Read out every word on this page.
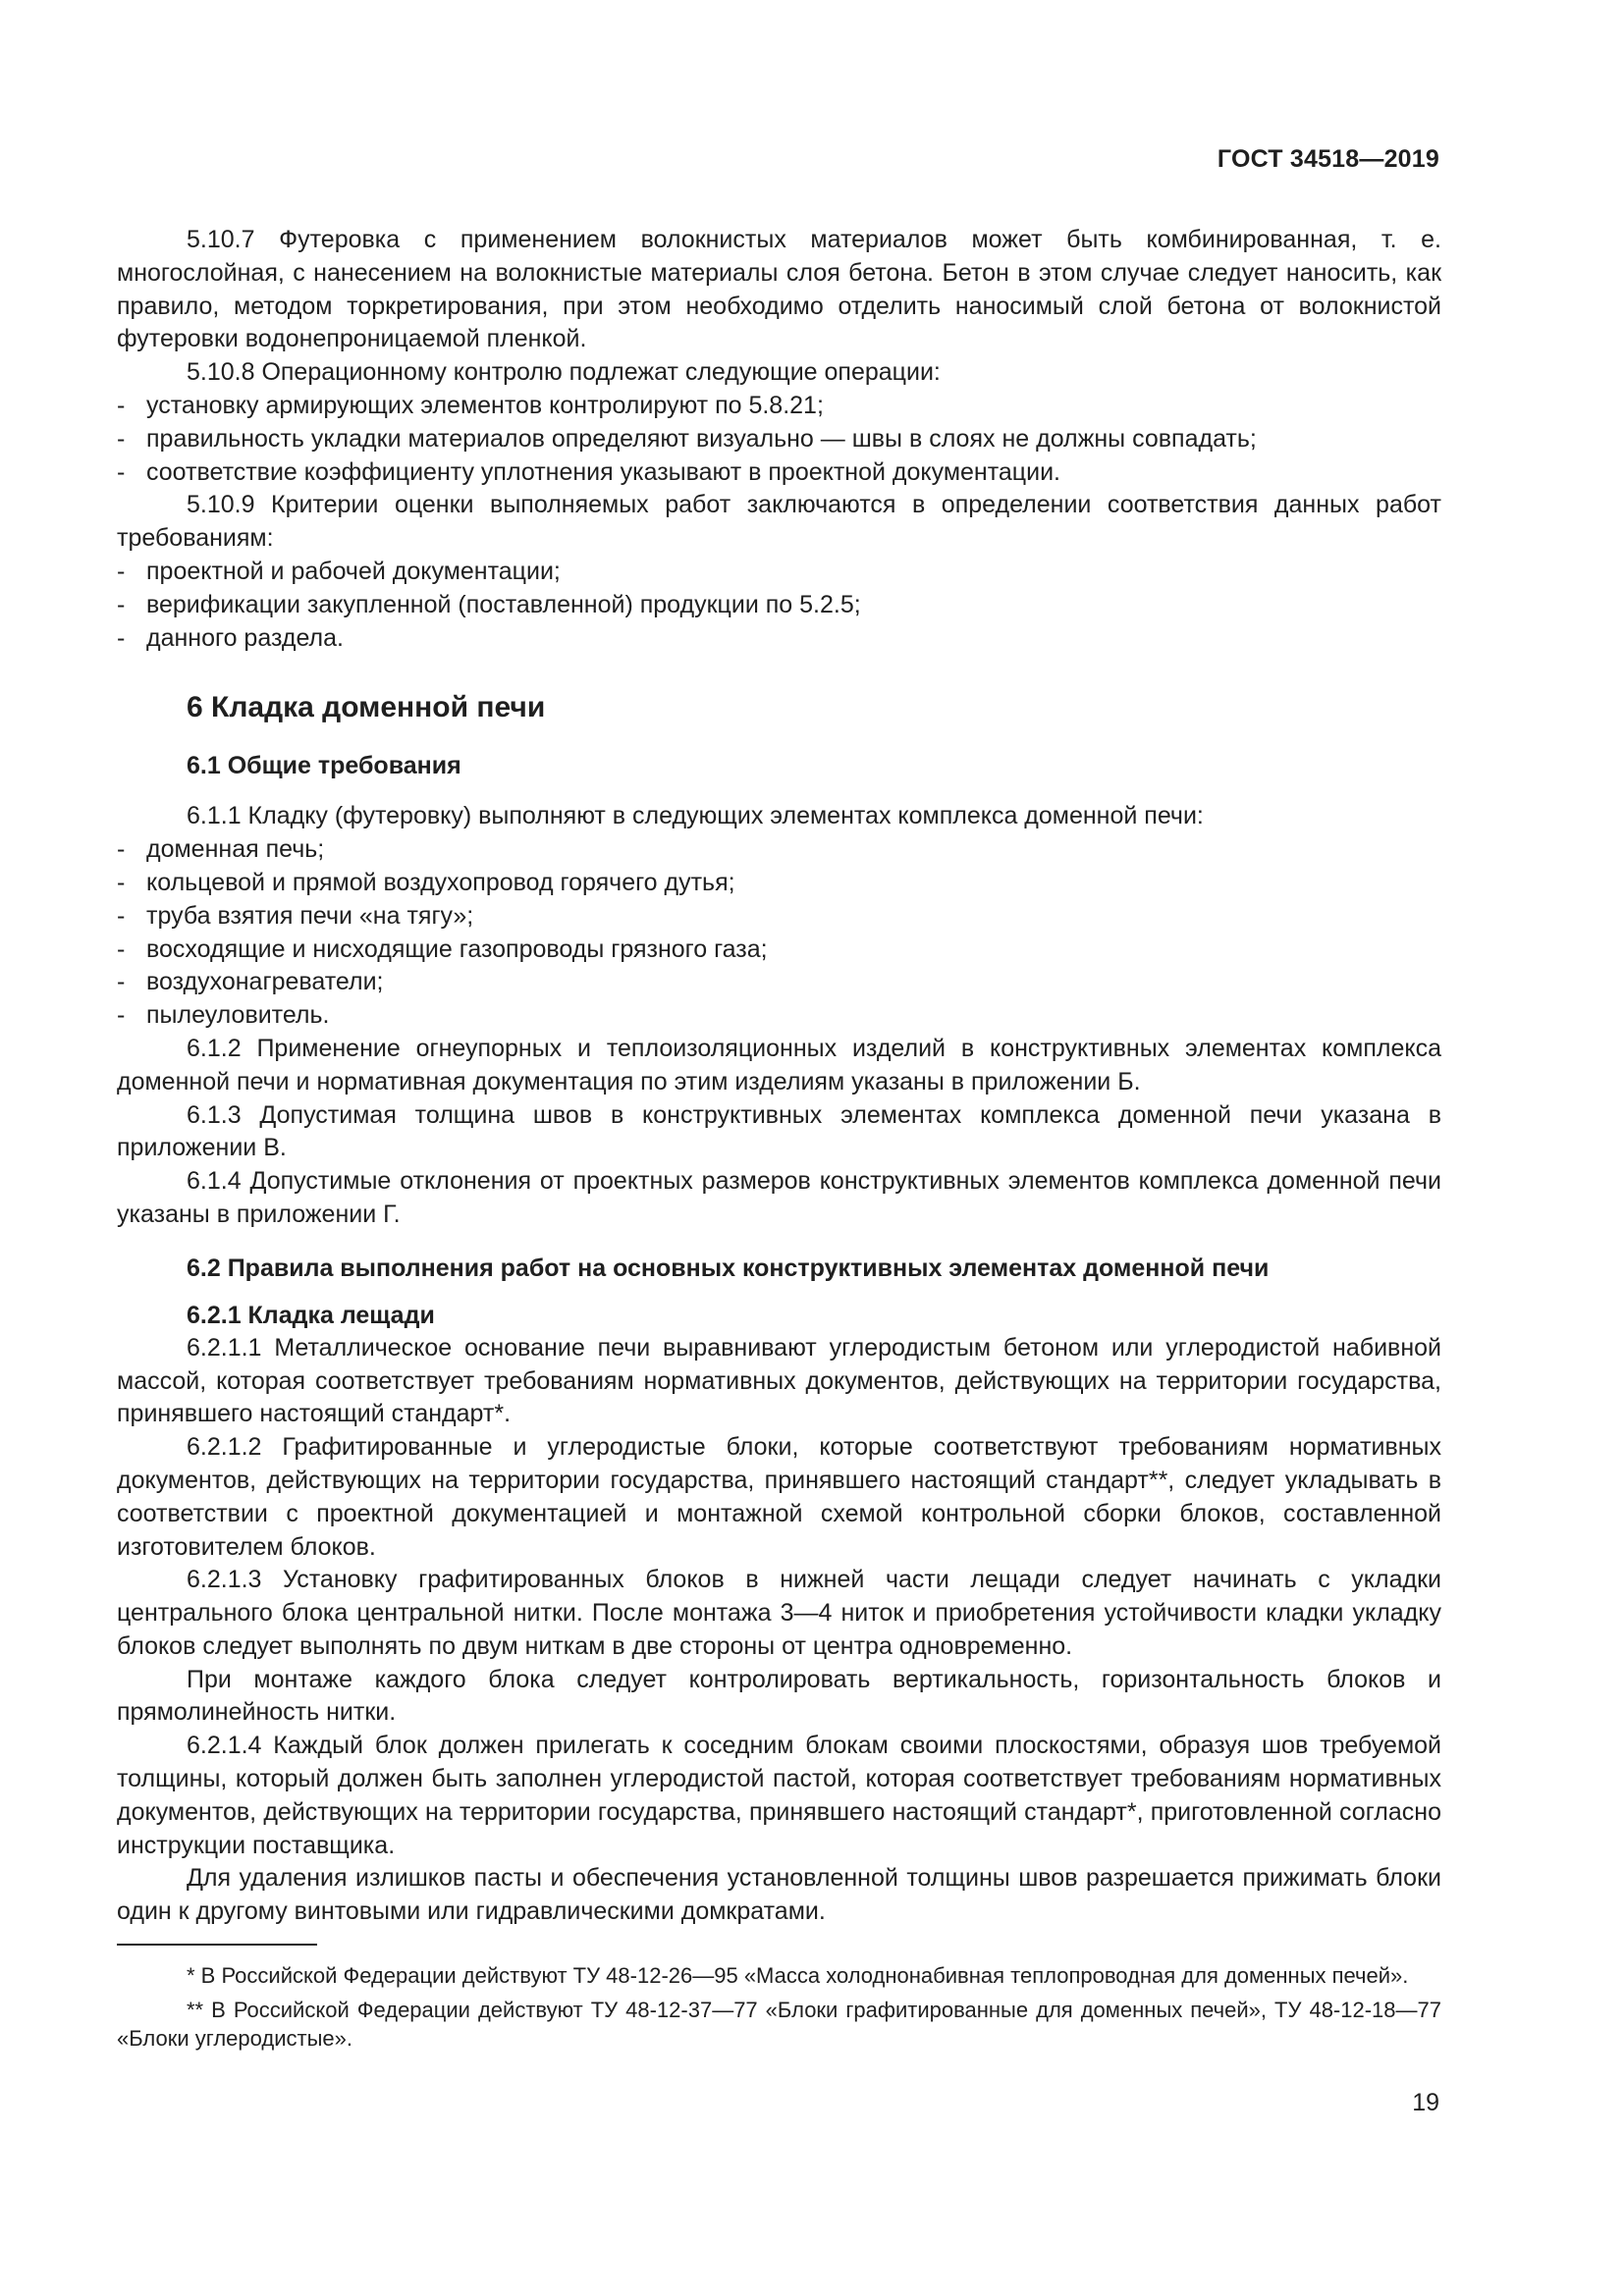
ГОСТ 34518—2019

5.10.7 Футеровка с применением волокнистых материалов может быть комбинированная, т. е. многослойная, с нанесением на волокнистые материалы слоя бетона. Бетон в этом случае следует наносить, как правило, методом торкретирования, при этом необходимо отделить наносимый слой бетона от волокнистой футеровки водонепроницаемой пленкой.

5.10.8 Операционному контролю подлежат следующие операции:

- установку армирующих элементов контролируют по 5.8.21;

- правильность укладки материалов определяют визуально — швы в слоях не должны совпадать;

- соответствие коэффициенту уплотнения указывают в проектной документации.

5.10.9 Критерии оценки выполняемых работ заключаются в определении соответствия данных работ требованиям:

- проектной и рабочей документации;

- верификации закупленной (поставленной) продукции по 5.2.5;

- данного раздела.

6 Кладка доменной печи
6.1 Общие требования

6.1.1 Кладку (футеровку) выполняют в следующих элементах комплекса доменной печи:

- доменная печь;

- кольцевой и прямой воздухопровод горячего дутья;

- труба взятия печи «на тягу»;

- восходящие и нисходящие газопроводы грязного газа;

- воздухонагреватели;

- пылеуловитель.

6.1.2 Применение огнеупорных и теплоизоляционных изделий в конструктивных элементах комплекса доменной печи и нормативная документация по этим изделиям указаны в приложении Б.

6.1.3 Допустимая толщина швов в конструктивных элементах комплекса доменной печи указана в приложении В.

6.1.4 Допустимые отклонения от проектных размеров конструктивных элементов комплекса доменной печи указаны в приложении Г.

6.2 Правила выполнения работ на основных конструктивных элементах доменной печи
6.2.1 Кладка лещади

6.2.1.1 Металлическое основание печи выравнивают углеродистым бетоном или углеродистой набивной массой, которая соответствует требованиям нормативных документов, действующих на территории государства, принявшего настоящий стандарт*.

6.2.1.2 Графитированные и углеродистые блоки, которые соответствуют требованиям нормативных документов, действующих на территории государства, принявшего настоящий стандарт**, следует укладывать в соответствии с проектной документацией и монтажной схемой контрольной сборки блоков, составленной изготовителем блоков.

6.2.1.3 Установку графитированных блоков в нижней части лещади следует начинать с укладки центрального блока центральной нитки. После монтажа 3—4 ниток и приобретения устойчивости кладки укладку блоков следует выполнять по двум ниткам в две стороны от центра одновременно.

При монтаже каждого блока следует контролировать вертикальность, горизонтальность блоков и прямолинейность нитки.

6.2.1.4 Каждый блок должен прилегать к соседним блокам своими плоскостями, образуя шов требуемой толщины, который должен быть заполнен углеродистой пастой, которая соответствует требованиям нормативных документов, действующих на территории государства, принявшего настоящий стандарт*, приготовленной согласно инструкции поставщика.

Для удаления излишков пасты и обеспечения установленной толщины швов разрешается прижимать блоки один к другому винтовыми или гидравлическими домкратами.

* В Российской Федерации действуют ТУ 48-12-26—95 «Масса холоднонабивная теплопроводная для доменных печей».

** В Российской Федерации действуют ТУ 48-12-37—77 «Блоки графитированные для доменных печей», ТУ 48-12-18—77 «Блоки углеродистые».

19
